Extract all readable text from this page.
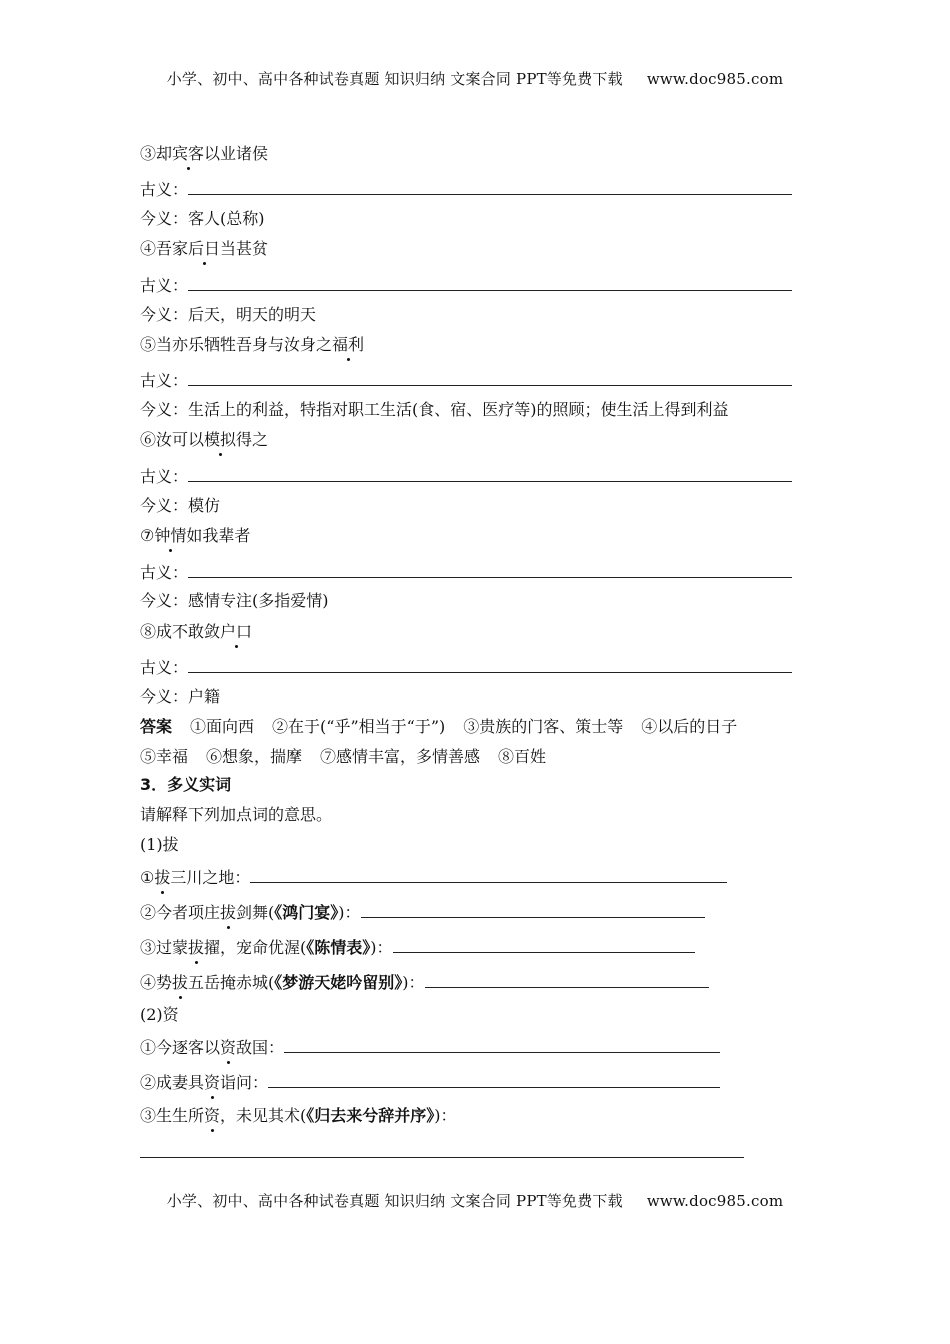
小学、初中、高中各种试卷真题 知识归纳 文案合同 PPT等免费下载 www.doc985.com
③却宾客以业诸侯
古义：
今义：客人(总称)
④吾家后日当甚贫
古义：
今义：后天，明天的明天
⑤当亦乐牺牲吾身与汝身之福利
古义：
今义：生活上的利益，特指对职工生活(食、宿、医疗等)的照顾；使生活上得到利益
⑥汝可以模拟得之
古义：
今义：模仿
⑦钟情如我辈者
古义：
今义：感情专注(多指爱情)
⑧成不敢敛户口
古义：
今义：户籍
答案 ①面向西 ②在于(“乎”相当于“于”) ③贵族的门客、策士等 ④以后的日子
⑤幸福 ⑥想象，揣摩 ⑦感情丰富，多情善感 ⑧百姓
3．多义实词
请解释下列加点词的意思。
(1)拔
①拔三川之地：
②今者项庄拔剑舞(《鸿门宴》)：
③过蒙拔擢，宠命优渥(《陈情表》)：
④势拔五岳掩赤城(《梦游天姥吟留别》)：
(2)资
①今逐客以资敌国：
②成妻具资诣问：
③生生所资，未见其术(《归去来兮辞并序》)：
小学、初中、高中各种试卷真题 知识归纳 文案合同 PPT等免费下载 www.doc985.com
